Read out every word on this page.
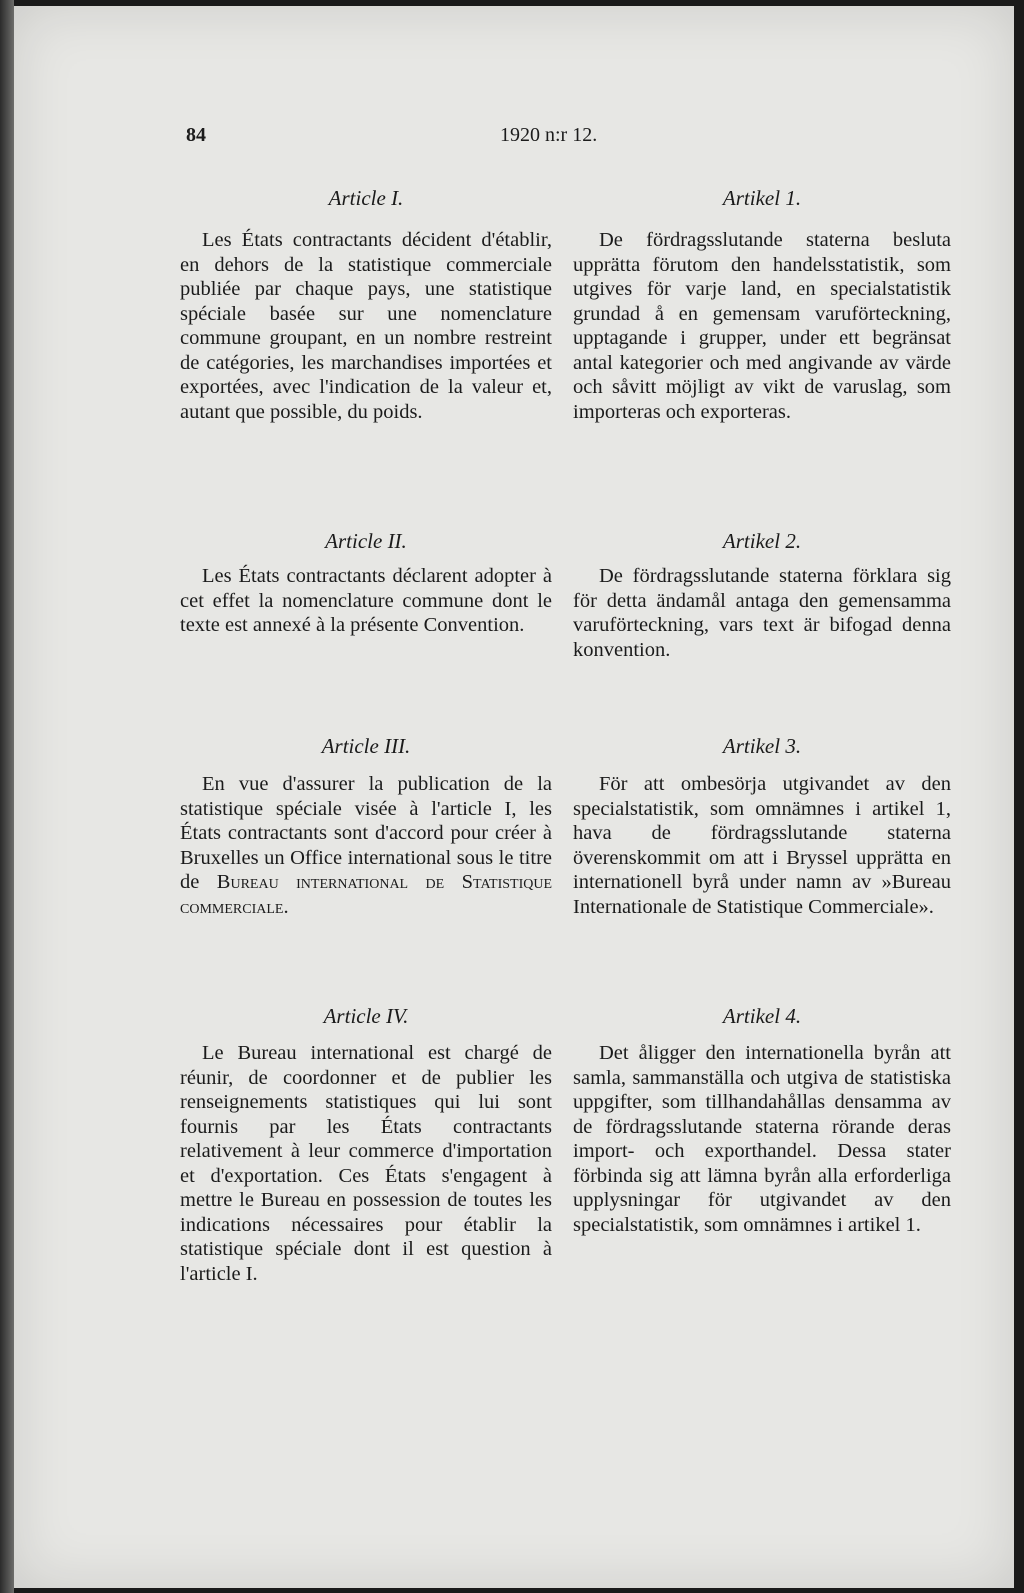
84	1920 n:r 12.
Article I.	Artikel 1.

Les États contractants décident d'établir, en dehors de la statistique commerciale publiée par chaque pays, une statistique spéciale basée sur une nomenclature commune groupant, en un nombre restreint de catégories, les marchandises importées et exportées, avec l'indication de la valeur et, autant que possible, du poids.

De fördragsslutande staterna besluta upprätta förutom den handelsstatistik, som utgives för varje land, en specialstatistik grundad å en gemensam varuförteckning, upptagande i grupper, under ett begränsat antal kategorier och med angivande av värde och såvitt möjligt av vikt de varuslag, som importeras och exporteras.

Article II.	Artikel 2.

Les États contractants déclarent adopter à cet effet la nomenclature commune dont le texte est annexé à la présente Convention.

De fördragsslutande staterna förklara sig för detta ändamål antaga den gemensamma varuförteckning, vars text är bifogad denna konvention.

Article III.	Artikel 3.

En vue d'assurer la publication de la statistique spéciale visée à l'article I, les États contractants sont d'accord pour créer à Bruxelles un Office international sous le titre de Bureau international de Statistique commerciale.

För att ombesörja utgivandet av den specialstatistik, som omnämnes i artikel 1, hava de fördragsslutande staterna överenskommit om att i Bryssel upprätta en internationell byrå under namn av »Bureau Internationale de Statistique Commerciale».

Article IV.	Artikel 4.

Le Bureau international est chargé de réunir, de coordonner et de publier les renseignements statistiques qui lui sont fournis par les États contractants relativement à leur commerce d'importation et d'exportation. Ces États s'engagent à mettre le Bureau en possession de toutes les indications nécessaires pour établir la statistique spéciale dont il est question à l'article I.

Det åligger den internationella byrån att samla, sammanställa och utgiva de statistiska uppgifter, som tillhandahållas densamma av de fördragsslutande staterna rörande deras import- och exporthandel. Dessa stater förbinda sig att lämna byrån alla erforderliga upplysningar för utgivandet av den specialstatistik, som omnämnes i artikel 1.
